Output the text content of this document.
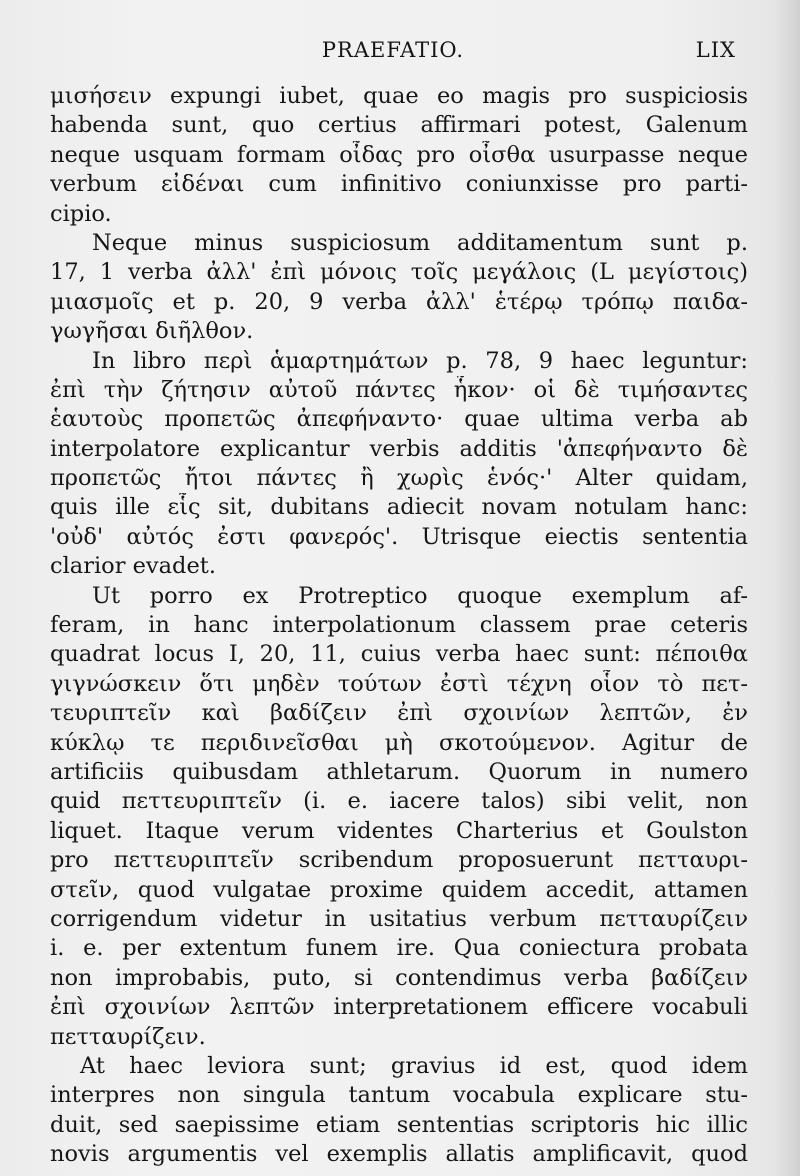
PRAEFATIO.	LIX
μισήσειν expungi iubet, quae eo magis pro suspiciosis
habenda sunt, quo certius affirmari potest, Galenum
neque usquam formam οἶδας pro οἶσθα usurpasse neque
verbum εἰδέναι cum infinitivo coniunxisse pro parti-
cipio.
Neque minus suspiciosum additamentum sunt p.
17, 1 verba ἀλλ' ἐπὶ μόνοις τοῖς μεγάλοις (L μεγίστοις)
μιασμοῖς et p. 20, 9 verba ἀλλ' ἑτέρῳ τρόπῳ παιδα-
γωγῆσαι διῆλθον.
In libro περὶ ἁμαρτημάτων p. 78, 9 haec leguntur:
ἐπὶ τὴν ζήτησιν αὐτοῦ πάντες ἧκον· οἱ δὲ τιμήσαντες
ἑαυτοὺς προπετῶς ἀπεφήναντο· quae ultima verba ab
interpolatore explicantur verbis additis 'ἀπεφήναντο δὲ
προπετῶς ἤτοι πάντες ἢ χωρὶς ἑνός·' Alter quidam,
quis ille εἷς sit, dubitans adiecit novam notulam hanc:
'οὐδ' αὐτός ἐστι φανερός'. Utrisque eiectis sententia
clarior evadet.
Ut porro ex Protreptico quoque exemplum af-
feram, in hanc interpolationum classem prae ceteris
quadrat locus I, 20, 11, cuius verba haec sunt: πέποιθα
γιγνώσκειν ὅτι μηδὲν τούτων ἐστὶ τέχνη οἷον τὸ πετ-
τευριπτεῖν καὶ βαδίζειν ἐπὶ σχοινίων λεπτῶν, ἐν
κύκλῳ τε περιδινεῖσθαι μὴ σκοτούμενον. Agitur de
artificiis quibusdam athletarum. Quorum in numero
quid πεττευριπτεῖν (i. e. iacere talos) sibi velit, non
liquet. Itaque verum videntes Charterius et Goulston
pro πεττευριπτεῖν scribendum proposuerunt πετταυρι-
στεῖν, quod vulgatae proxime quidem accedit, attamen
corrigendum videtur in usitatius verbum πετταυρίζειν
i. e. per extentum funem ire. Qua coniectura probata
non improbabis, puto, si contendimus verba βαδίζειν
ἐπὶ σχοινίων λεπτῶν interpretationem efficere vocabuli
πετταυρίζειν.
At haec leviora sunt; gravius id est, quod idem
interpres non singula tantum vocabula explicare stu-
duit, sed saepissime etiam sententias scriptoris hic illic
novis argumentis vel exemplis allatis amplificavit, quod
